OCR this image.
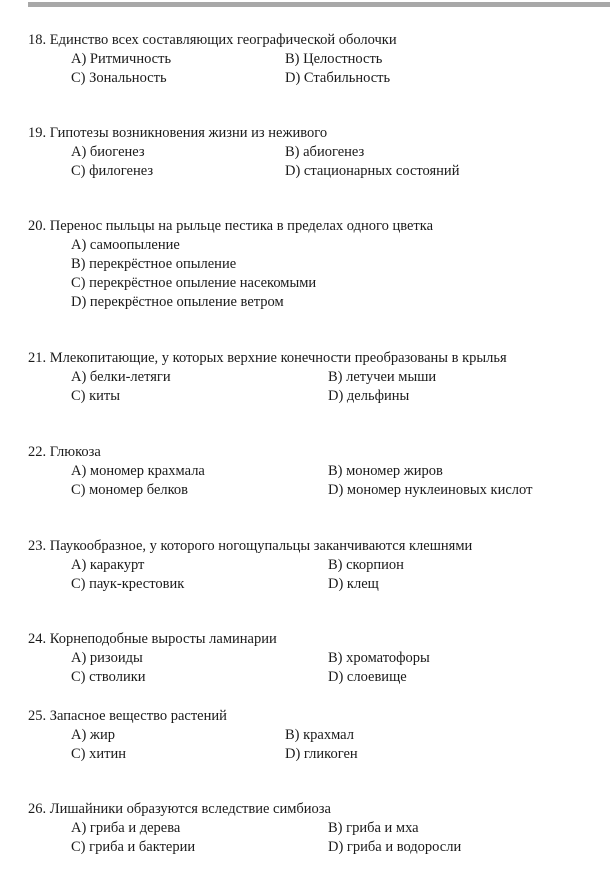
18. Единство всех составляющих географической оболочки
A) Ритмичность	B) Целостность
C) Зональность	D) Стабильность
19. Гипотезы возникновения жизни из неживого
A) биогенез	B) абиогенез
C) филогенез	D) стационарных состояний
20. Перенос пыльцы на рыльце пестика в пределах одного цветка
A) самоопыление
B) перекрёстное опыление
C) перекрёстное опыление насекомыми
D) перекрёстное опыление ветром
21. Млекопитающие, у которых верхние конечности преобразованы в крылья
A) белки-летяги	B) летучеи мыши
C) киты	D) дельфины
22. Глюкоза
A) мономер крахмала	B) мономер жиров
C) мономер белков	D) мономер нуклеиновых кислот
23. Паукообразное, у которого ногощупальцы заканчиваются клешнями
A) каракурт	B) скорпион
C) паук-крестовик	D) клещ
24. Корнеподобные выросты ламинарии
A) ризоиды	B) хроматофоры
C) стволики	D) слоевище
25. Запасное вещество растений
A) жир	B) крахмал
C) хитин	D) гликоген
26. Лишайники образуются вследствие симбиоза
A) гриба и дерева	B) гриба и мха
C) гриба и бактерии	D) гриба и водоросли
